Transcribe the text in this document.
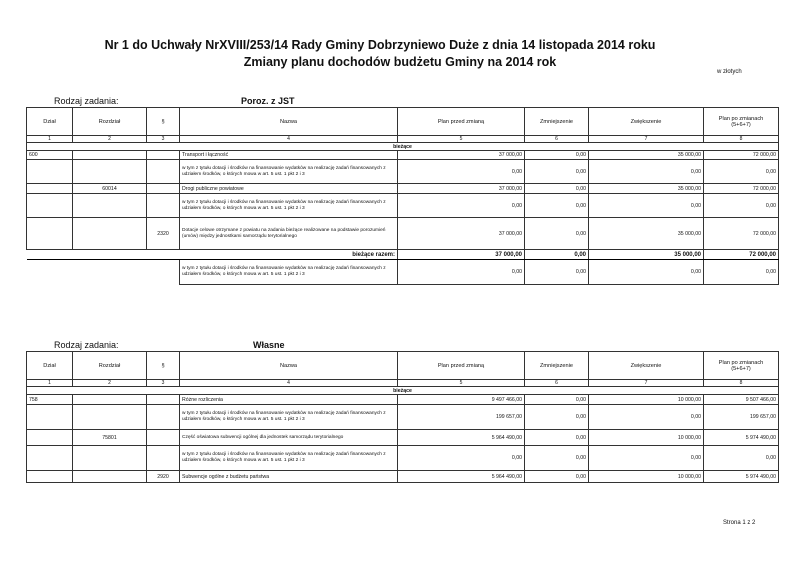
Nr 1 do Uchwały NrXVIII/253/14 Rady Gminy Dobrzyniewo Duże z dnia 14 listopada 2014 roku
Zmiany planu dochodów budżetu Gminy na 2014 rok
w złotych
Rodzaj zadania:	Poroz. z JST
Dział	Rozdział	§	Nazwa	Plan przed zmianą	Zmniejszenie	Zwiększenie	Plan po zmianach
(5+6+7)
1	2	3	4	5	6	7	8
bieżące							
600			Transport i łączność	37 000,00	0,00	35 000,00	72 000,00
			w tym z tytułu dotacji i środków na finansowanie wydatków na realizację zadań finansowanych z udziałem środków, o których mowa w art. 5 ust. 1 pkt 2 i 3	0,00	0,00	0,00	0,00
	60014		Drogi publiczne powiatowe	37 000,00	0,00	35 000,00	72 000,00
			w tym z tytułu dotacji i środków na finansowanie wydatków na realizację zadań finansowanych z udziałem środków, o których mowa w art. 5 ust. 1 pkt 2 i 3	0,00	0,00	0,00	0,00
		2320	Dotacje celowe otrzymane z powiatu na zadania bieżące realizowane na podstawie porozumień (umów) między jednostkami samorządu terytorialnego	37 000,00	0,00	35 000,00	72 000,00
bieżące razem:				37 000,00	0,00	35 000,00	72 000,00
			w tym z tytułu dotacji i środków na finansowanie wydatków na realizację zadań finansowanych z udziałem środków, o których mowa w art. 5 ust. 1 pkt 2 i 3	0,00	0,00	0,00	0,00
Rodzaj zadania:	Własne
Dział	Rozdział	§	Nazwa	Plan przed zmianą	Zmniejszenie	Zwiększenie	Plan po zmianach
(5+6+7)
1	2	3	4	5	6	7	8
bieżące							
758			Różne rozliczenia	9 497 466,00	0,00	10 000,00	9 507 466,00
			w tym z tytułu dotacji i środków na finansowanie wydatków na realizację zadań finansowanych z udziałem środków, o których mowa w art. 5 ust. 1 pkt 2 i 3	199 657,00	0,00	0,00	199 657,00
	75801		Część oświatowa subwencji ogólnej dla jednostek samorządu terytorialnego	5 964 490,00	0,00	10 000,00	5 974 490,00
			w tym z tytułu dotacji i środków na finansowanie wydatków na realizację zadań finansowanych z udziałem środków, o których mowa w art. 5 ust. 1 pkt 2 i 3	0,00	0,00	0,00	0,00
		2920	Subwencje ogólne z budżetu państwa	5 964 490,00	0,00	10 000,00	5 974 490,00
Strona 1 z 2
